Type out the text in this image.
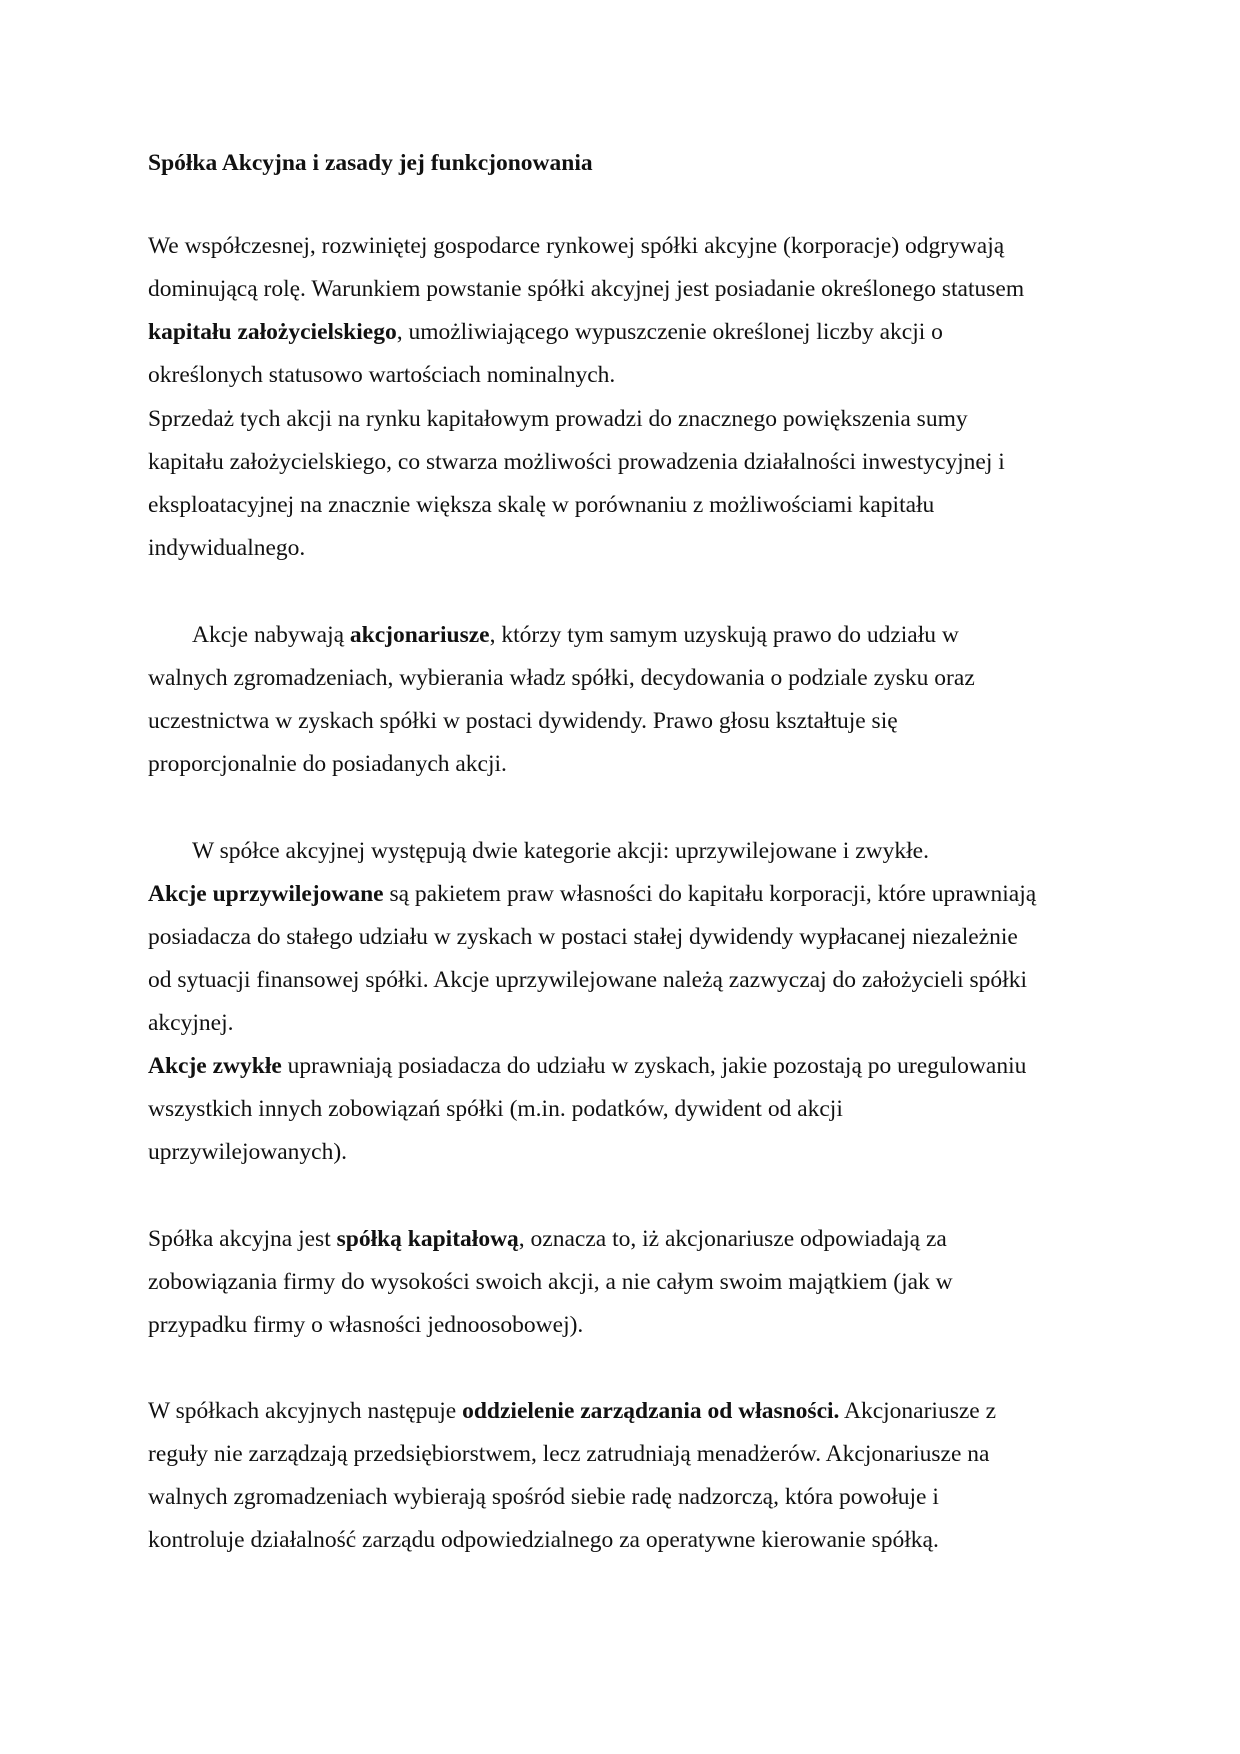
Spółka Akcyjna i zasady jej funkcjonowania

We współczesnej, rozwiniętej gospodarce rynkowej spółki akcyjne (korporacje) odgrywają
dominującą rolę. Warunkiem powstanie spółki akcyjnej jest posiadanie określonego statusem
kapitału założycielskiego, umożliwiającego wypuszczenie określonej liczby akcji o
określonych statusowo wartościach nominalnych.

Sprzedaż tych akcji na rynku kapitałowym prowadzi do znacznego powiększenia sumy
kapitału założycielskiego, co stwarza możliwości prowadzenia działalności inwestycyjnej i
eksploatacyjnej na znacznie większa skalę w porównaniu z możliwościami kapitału
indywidualnego.

Akcje nabywają akcjonariusze, którzy tym samym uzyskują prawo do udziału w
walnych zgromadzeniach, wybierania władz spółki, decydowania o podziale zysku oraz
uczestnictwa w zyskach spółki w postaci dywidendy. Prawo głosu kształtuje się
proporcjonalnie do posiadanych akcji.

W spółce akcyjnej występują dwie kategorie akcji: uprzywilejowane i zwykłe.
Akcje uprzywilejowane są pakietem praw własności do kapitału korporacji, które uprawniają
posiadacza do stałego udziału w zyskach w postaci stałej dywidendy wypłacanej niezależnie
od sytuacji finansowej spółki. Akcje uprzywilejowane należą zazwyczaj do założycieli spółki
akcyjnej.
Akcje zwykłe uprawniają posiadacza do udziału w zyskach, jakie pozostają po uregulowaniu
wszystkich innych zobowiązań spółki (m.in. podatków, dywident od akcji
uprzywilejowanych).

Spółka akcyjna jest spółką kapitałową, oznacza to, iż akcjonariusze odpowiadają za
zobowiązania firmy do wysokości swoich akcji, a nie całym swoim majątkiem (jak w
przypadku firmy o własności jednoosobowej).

W spółkach akcyjnych następuje oddzielenie zarządzania od własności. Akcjonariusze z
reguły nie zarządzają przedsiębiorstwem, lecz zatrudniają menadżerów. Akcjonariusze na
walnych zgromadzeniach wybierają spośród siebie radę nadzorczą, która powołuje i
kontroluje działalność zarządu odpowiedzialnego za operatywne kierowanie spółką.
